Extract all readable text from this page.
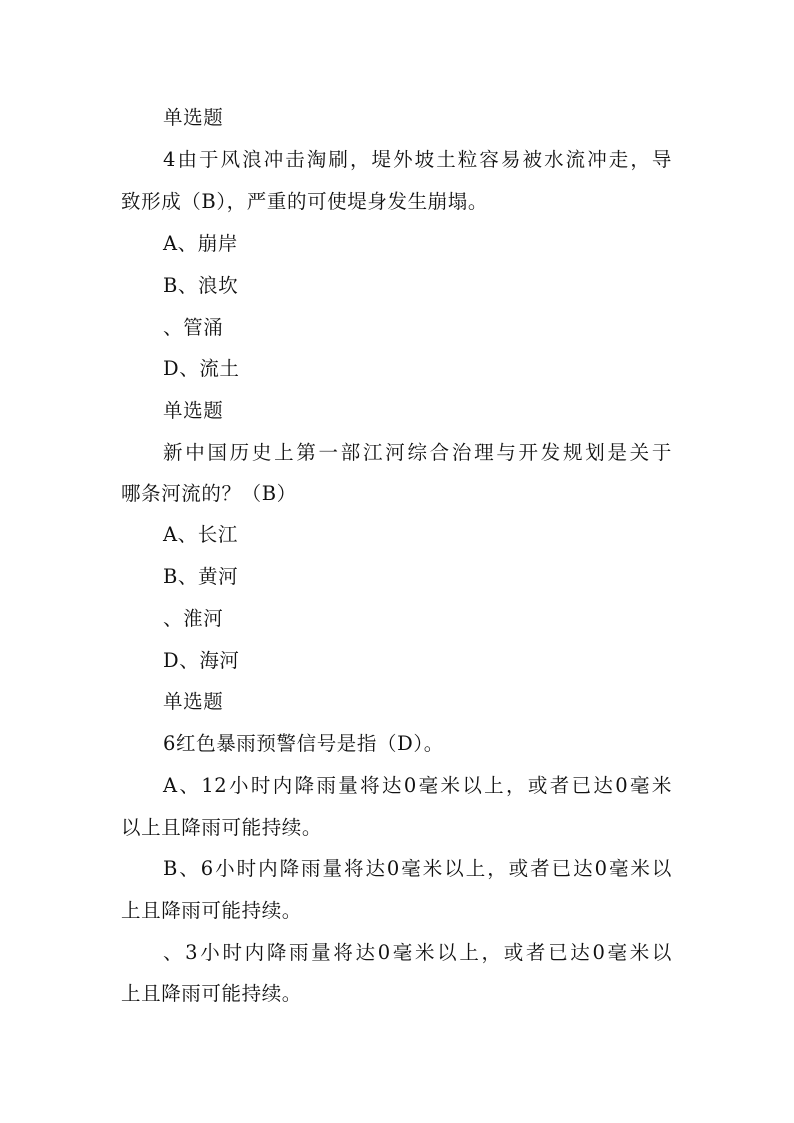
单选题
4由于风浪冲击淘刷，堤外坡土粒容易被水流冲走，导
致形成（B），严重的可使堤身发生崩塌。
A、崩岸
B、浪坎
、管涌
D、流土
单选题
新中国历史上第一部江河综合治理与开发规划是关于
哪条河流的？（B）
A、长江
B、黄河
、淮河
D、海河
单选题
6红色暴雨预警信号是指（D）。
A、12小时内降雨量将达0毫米以上，或者已达0毫米
以上且降雨可能持续。
B、6小时内降雨量将达0毫米以上，或者已达0毫米以
上且降雨可能持续。
、3小时内降雨量将达0毫米以上，或者已达0毫米以
上且降雨可能持续。
